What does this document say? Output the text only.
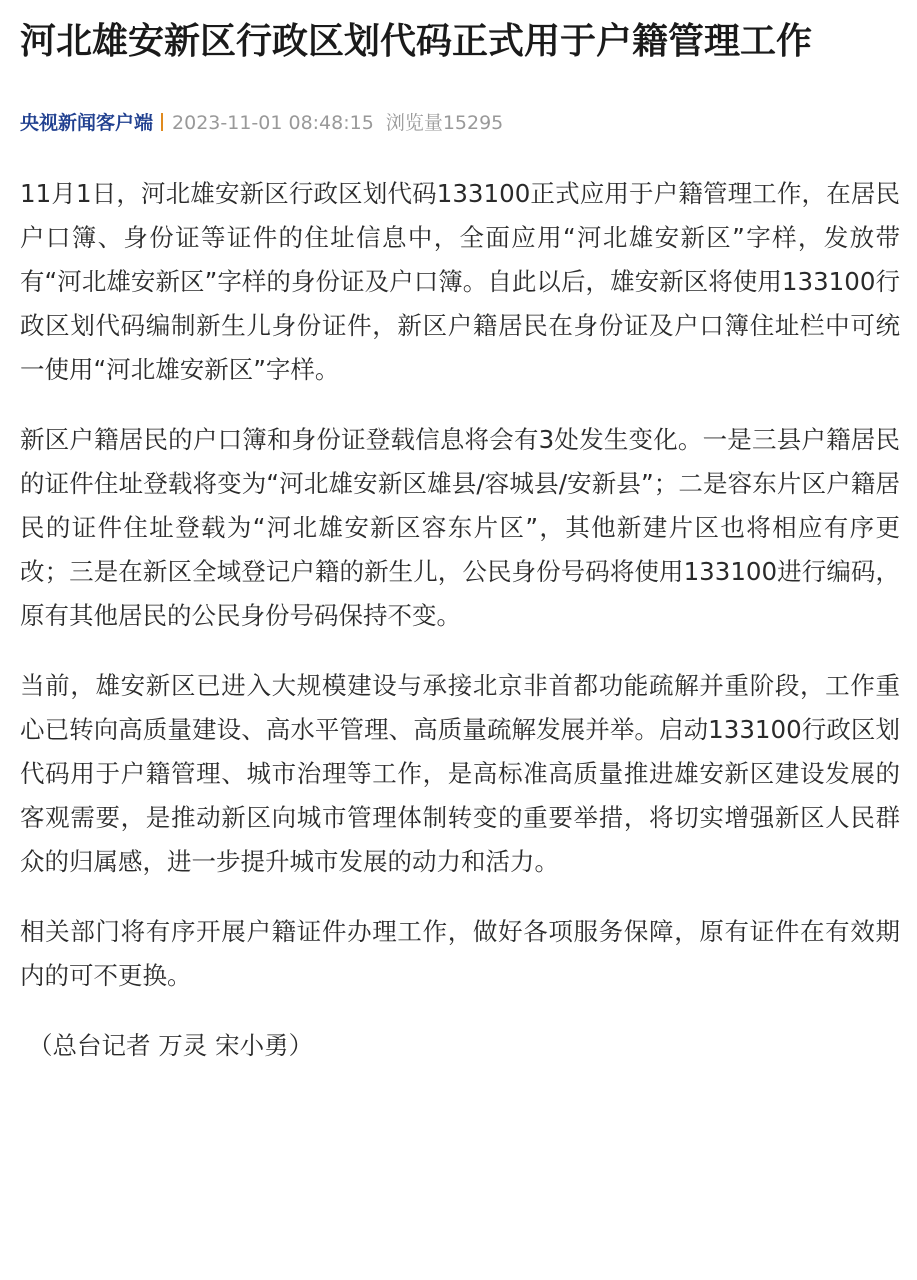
河北雄安新区行政区划代码正式用于户籍管理工作
央视新闻客户端 2023-11-01 08:48:15 浏览量15295

11月1日，河北雄安新区行政区划代码133100正式应用于户籍管理工作，在居民户口簿、身份证等证件的住址信息中，全面应用“河北雄安新区”字样，发放带有“河北雄安新区”字样的身份证及户口簿。自此以后，雄安新区将使用133100行政区划代码编制新生儿身份证件，新区户籍居民在身份证及户口簿住址栏中可统一使用“河北雄安新区”字样。

新区户籍居民的户口簿和身份证登载信息将会有3处发生变化。一是三县户籍居民的证件住址登载将变为“河北雄安新区雄县/容城县/安新县”；二是容东片区户籍居民的证件住址登载为“河北雄安新区容东片区”，其他新建片区也将相应有序更改；三是在新区全域登记户籍的新生儿，公民身份号码将使用133100进行编码，原有其他居民的公民身份号码保持不变。

当前，雄安新区已进入大规模建设与承接北京非首都功能疏解并重阶段，工作重心已转向高质量建设、高水平管理、高质量疏解发展并举。启动133100行政区划代码用于户籍管理、城市治理等工作，是高标准高质量推进雄安新区建设发展的客观需要，是推动新区向城市管理体制转变的重要举措，将切实增强新区人民群众的归属感，进一步提升城市发展的动力和活力。

相关部门将有序开展户籍证件办理工作，做好各项服务保障，原有证件在有效期内的可不更换。

（总台记者 万灵 宋小勇）
